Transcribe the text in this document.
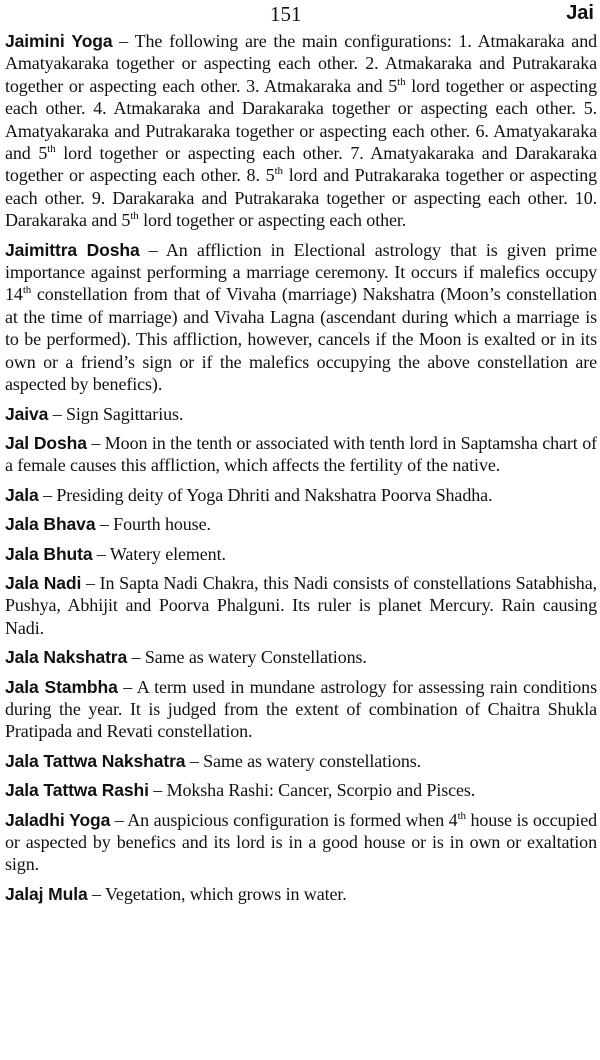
151	Jai

Jaimini Yoga – The following are the main configurations: 1. Atmakaraka and Amatyakaraka together or aspecting each other. 2. Atmakaraka and Putrakaraka together or aspecting each other. 3. Atmakaraka and 5th lord together or aspecting each other. 4. Atmakaraka and Darakaraka together or aspecting each other. 5. Amatyakaraka and Putrakaraka together or aspecting each other. 6. Amatyakaraka and 5th lord together or aspecting each other. 7. Amatyakaraka and Darakaraka together or aspecting each other. 8. 5th lord and Putrakaraka together or aspecting each other. 9. Darakaraka and Putrakaraka together or aspecting each other. 10. Darakaraka and 5th lord together or aspecting each other.

Jaimittra Dosha – An affliction in Electional astrology that is given prime importance against performing a marriage ceremony. It occurs if malefics occupy 14th constellation from that of Vivaha (marriage) Nakshatra (Moon’s constellation at the time of marriage) and Vivaha Lagna (ascendant during which a marriage is to be performed). This affliction, however, cancels if the Moon is exalted or in its own or a friend’s sign or if the malefics occupying the above constellation are aspected by benefics).

Jaiva – Sign Sagittarius.

Jal Dosha – Moon in the tenth or associated with tenth lord in Saptamsha chart of a female causes this affliction, which affects the fertility of the native.

Jala – Presiding deity of Yoga Dhriti and Nakshatra Poorva Shadha.

Jala Bhava – Fourth house.

Jala Bhuta – Watery element.

Jala Nadi – In Sapta Nadi Chakra, this Nadi consists of constellations Satabhisha, Pushya, Abhijit and Poorva Phalguni. Its ruler is planet Mercury. Rain causing Nadi.

Jala Nakshatra – Same as watery Constellations.

Jala Stambha – A term used in mundane astrology for assessing rain conditions during the year. It is judged from the extent of combination of Chaitra Shukla Pratipada and Revati constellation.

Jala Tattwa Nakshatra – Same as watery constellations.

Jala Tattwa Rashi – Moksha Rashi: Cancer, Scorpio and Pisces.

Jaladhi Yoga – An auspicious configuration is formed when 4th house is occupied or aspected by benefics and its lord is in a good house or is in own or exaltation sign.

Jalaj Mula – Vegetation, which grows in water.
